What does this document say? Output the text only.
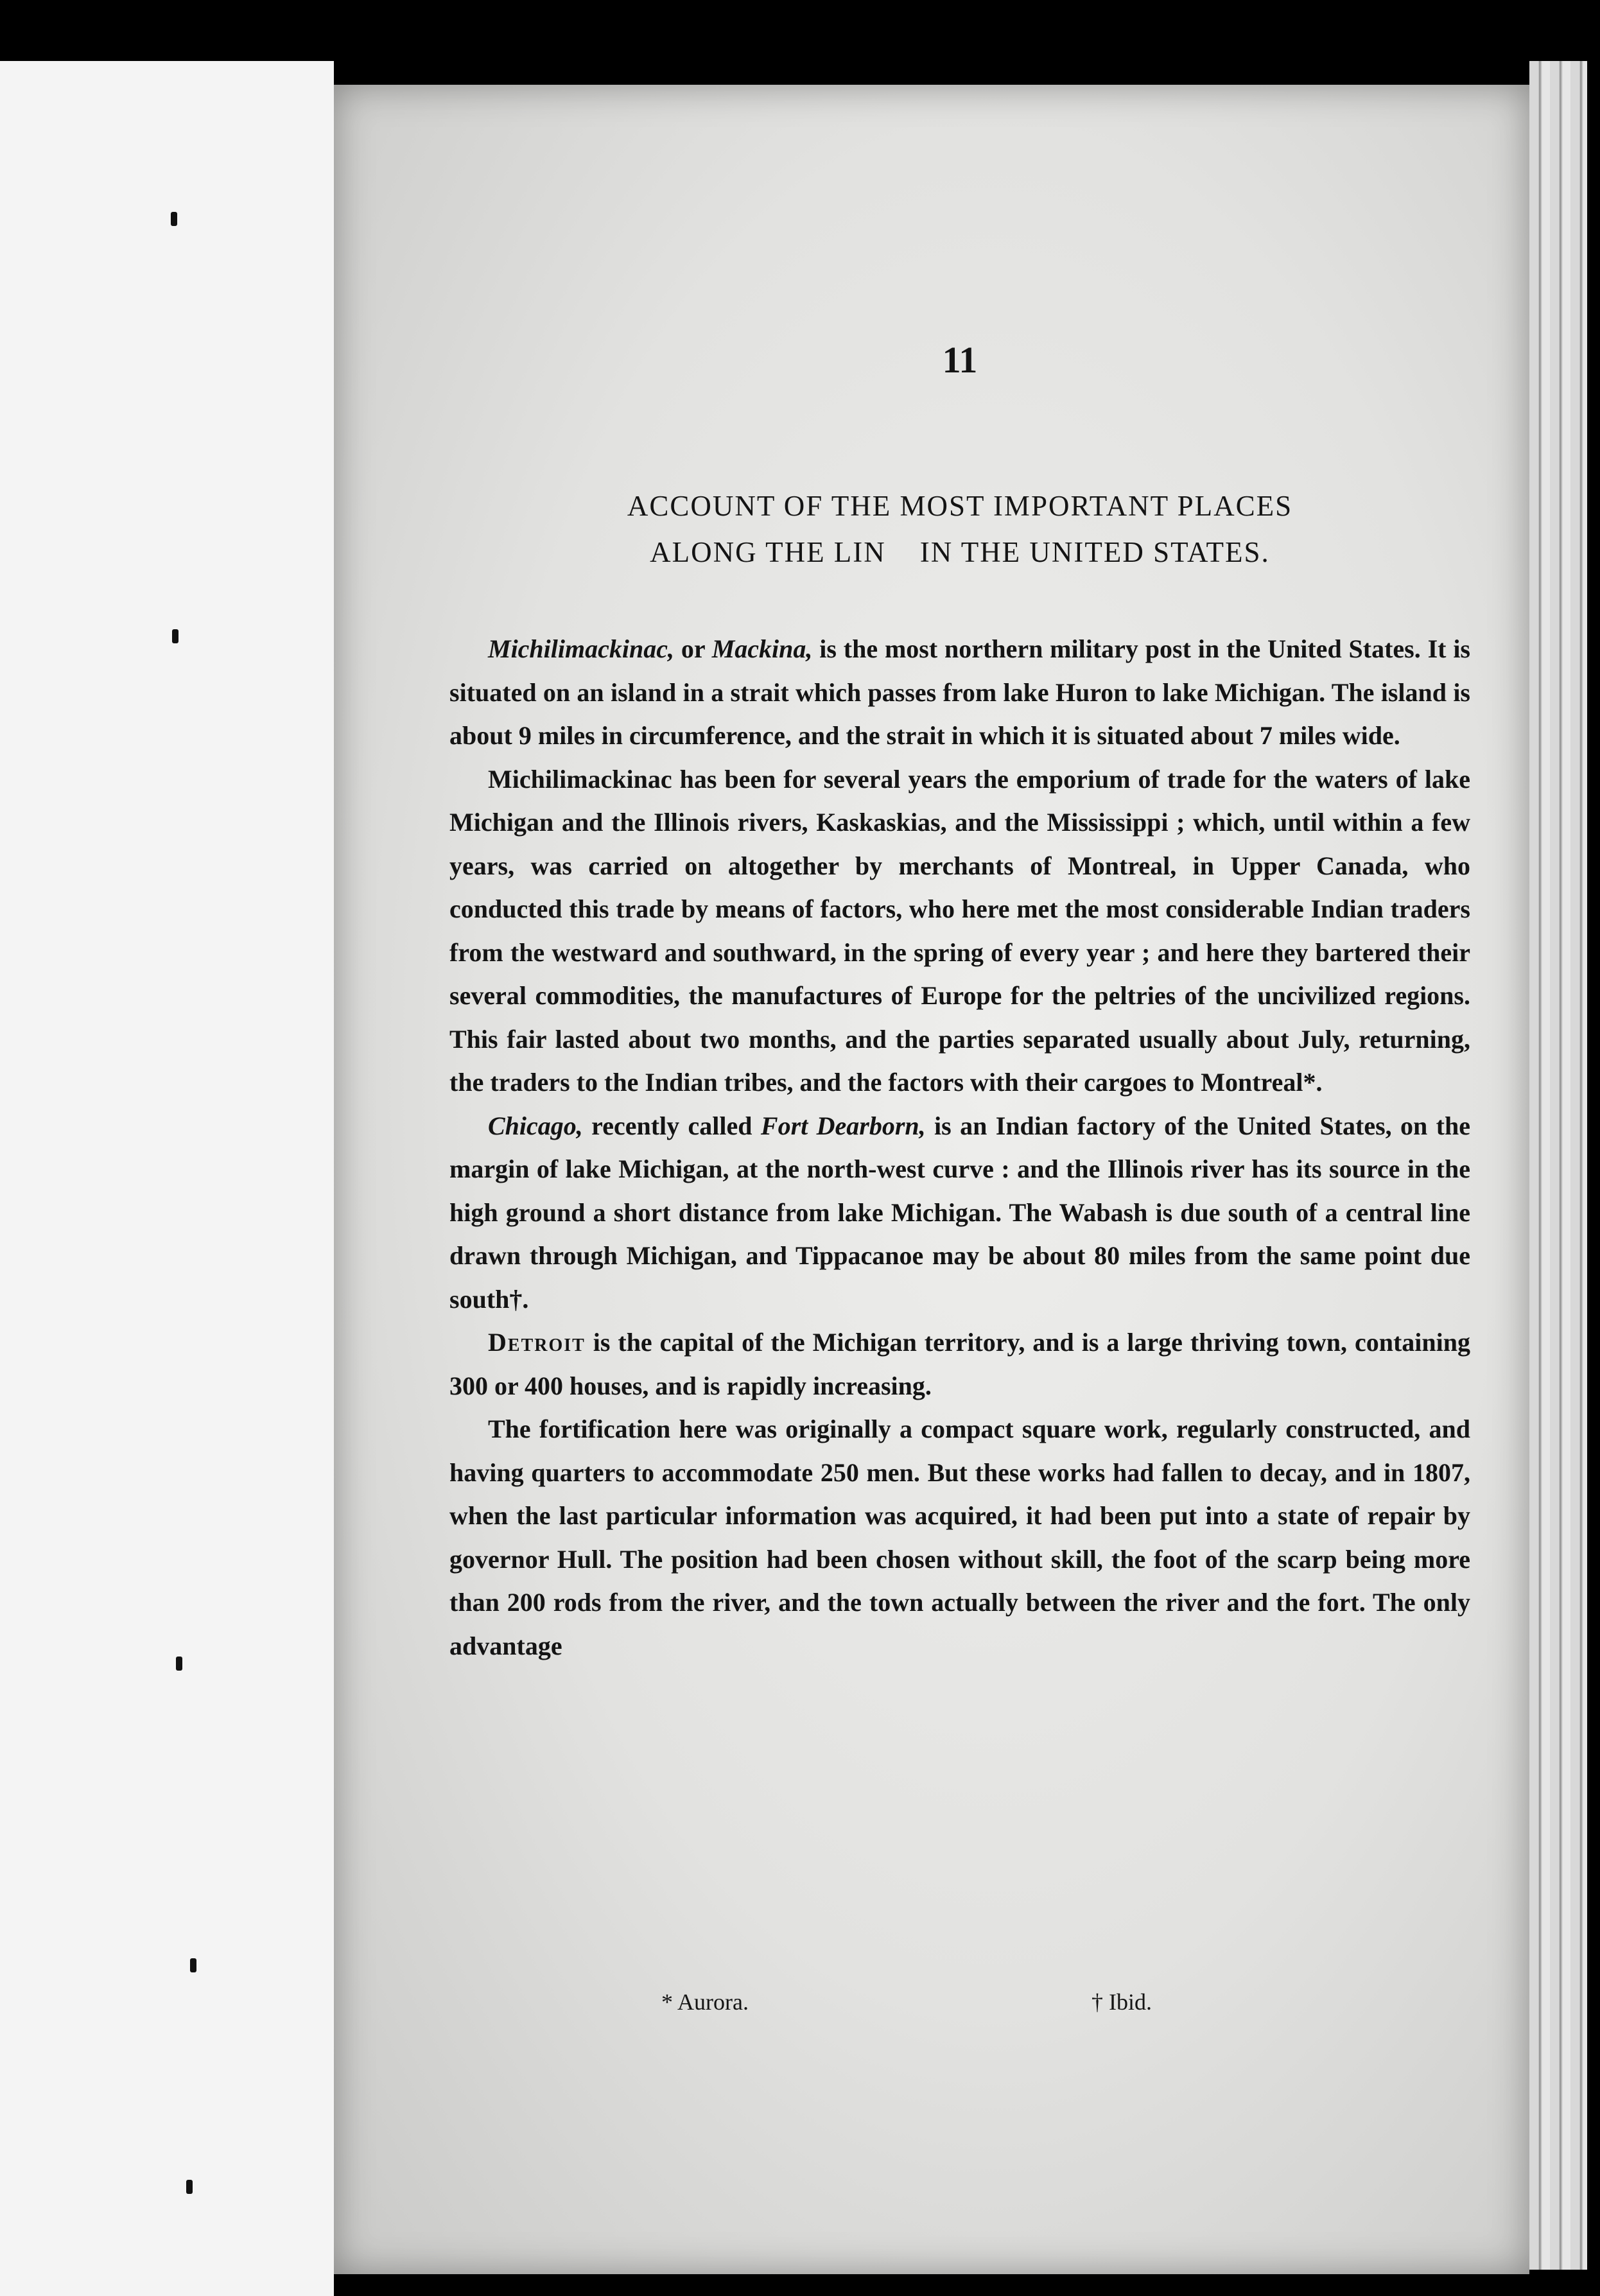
11
ACCOUNT OF THE MOST IMPORTANT PLACES
ALONG THE LIN    IN THE UNITED STATES.

Michilimackinac, or Mackina, is the most northern military post in the United States. It is situated on an island in a strait which passes from lake Huron to lake Michigan. The island is about 9 miles in circumference, and the strait in which it is situated about 7 miles wide.

Michilimackinac has been for several years the emporium of trade for the waters of lake Michigan and the Illinois rivers, Kaskaskias, and the Mississippi ; which, until within a few years, was carried on altogether by merchants of Montreal, in Upper Canada, who conducted this trade by means of factors, who here met the most considerable Indian traders from the westward and southward, in the spring of every year ; and here they bartered their several commodities, the manufactures of Europe for the peltries of the uncivilized regions. This fair lasted about two months, and the parties separated usually about July, returning, the traders to the Indian tribes, and the factors with their cargoes to Montreal*.

Chicago, recently called Fort Dearborn, is an Indian factory of the United States, on the margin of lake Michigan, at the north-west curve : and the Illinois river has its source in the high ground a short distance from lake Michigan. The Wabash is due south of a central line drawn through Michigan, and Tippacanoe may be about 80 miles from the same point due south†.

Detroit is the capital of the Michigan territory, and is a large thriving town, containing 300 or 400 houses, and is rapidly increasing.

The fortification here was originally a compact square work, regularly constructed, and having quarters to accommodate 250 men. But these works had fallen to decay, and in 1807, when the last particular information was acquired, it had been put into a state of repair by governor Hull. The position had been chosen without skill, the foot of the scarp being more than 200 rods from the river, and the town actually between the river and the fort. The only advantage

* Aurora.	† Ibid.
